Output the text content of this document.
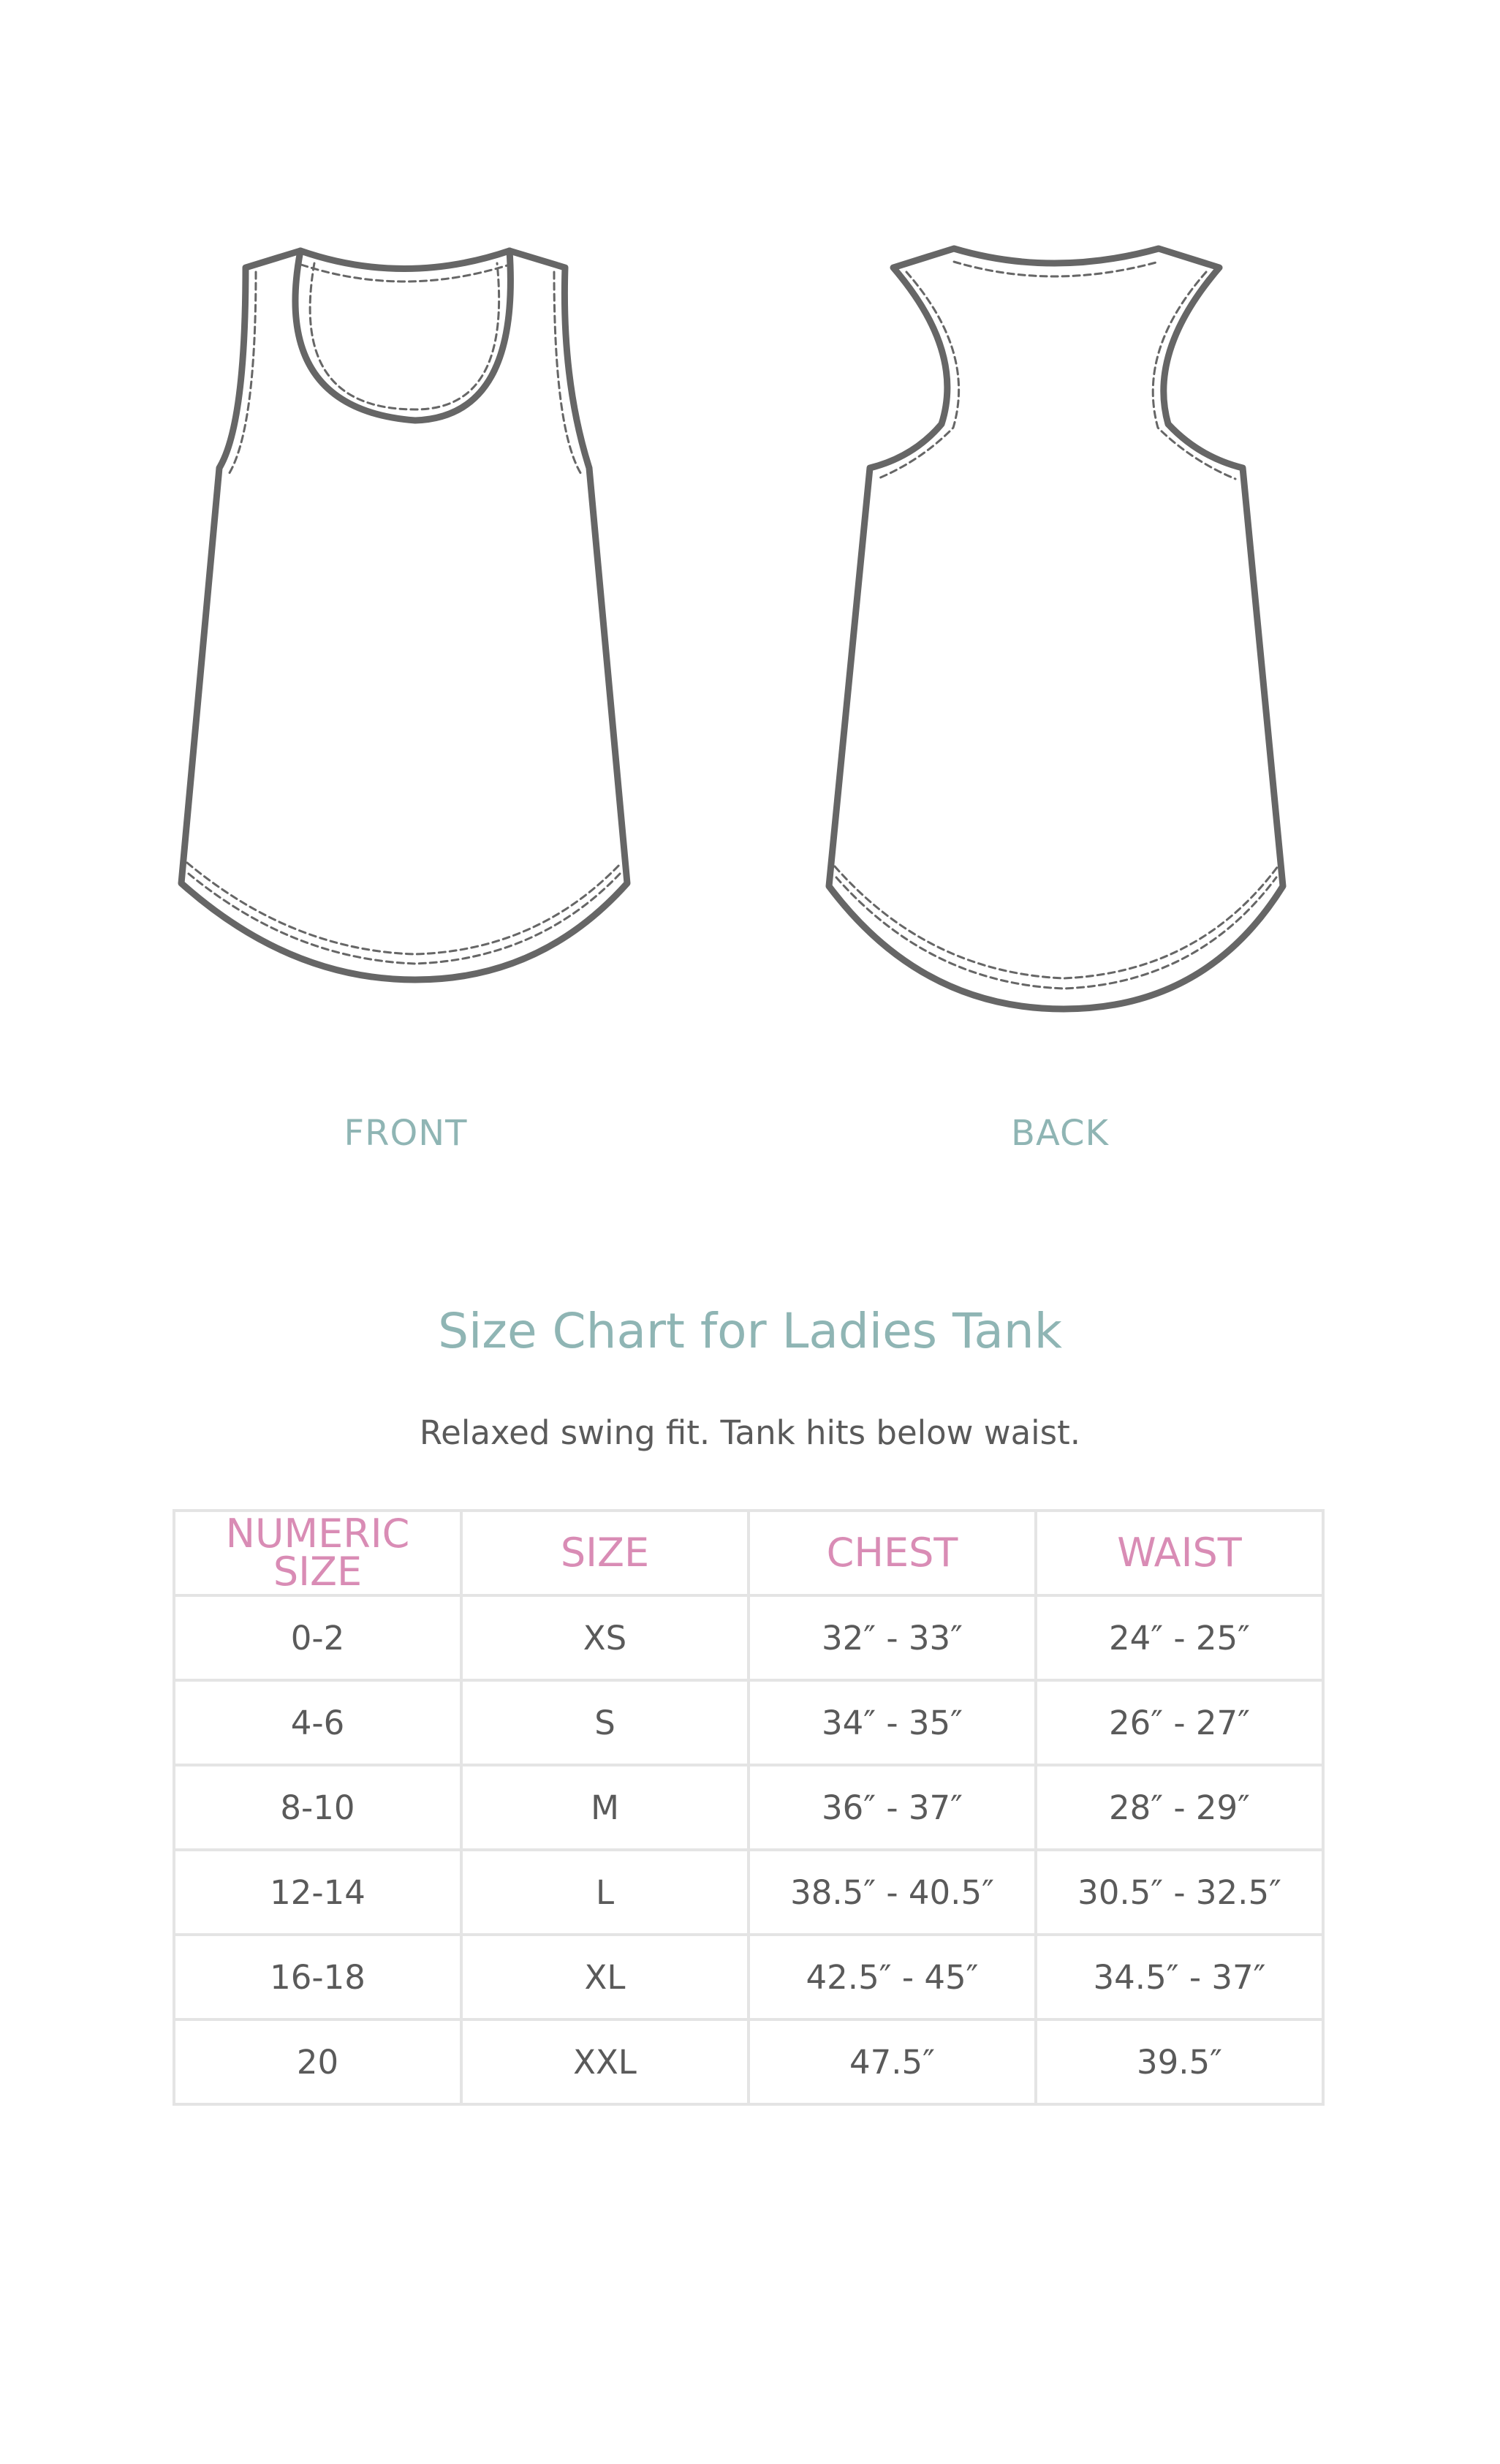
FRONT	BACK
Size Chart for Ladies Tank
Relaxed swing fit. Tank hits below waist.
NUMERIC
SIZE	SIZE	CHEST	WAIST

0-2	XS	32″ - 33″	24″ - 25″
4-6	S	34″ - 35″	26″ - 27″
8-10	M	36″ - 37″	28″ - 29″
12-14	L	38.5″ - 40.5″	30.5″ - 32.5″
16-18	XL	42.5″ - 45″	34.5″ - 37″
20	XXL	47.5″	39.5″
